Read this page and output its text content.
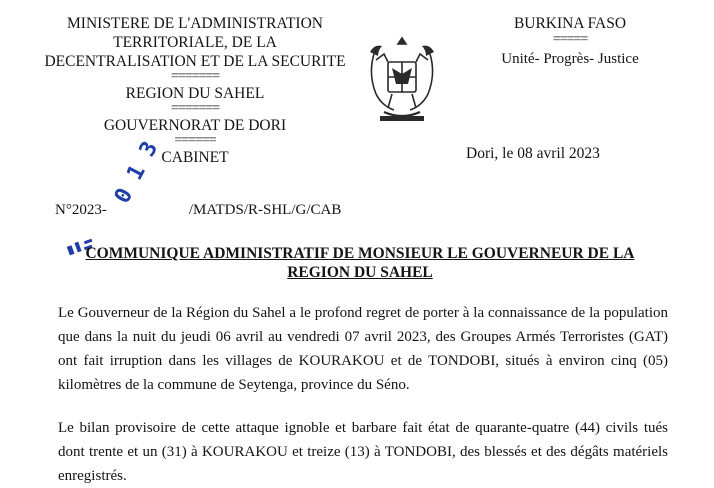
MINISTERE DE L'ADMINISTRATION
TERRITORIALE, DE LA
DECENTRALISATION ET DE LA SECURITE
=======
REGION DU SAHEL
=======
GOUVERNORAT DE DORI
======
CABINET
BURKINA FASO
=====
Unité- Progrès- Justice
Dori, le 08 avril 2023
N°2023-	/MATDS/R-SHL/G/CAB
0 1 3
COMMUNIQUE ADMINISTRATIF DE MONSIEUR LE GOUVERNEUR DE LA
REGION DU SAHEL
Le Gouverneur de la Région du Sahel a le profond regret de porter à la connaissance de la population que dans la nuit du jeudi 06 avril au vendredi 07 avril 2023, des Groupes Armés Terroristes (GAT) ont fait irruption dans les villages de KOURAKOU et de TONDOBI, situés à environ cinq (05) kilomètres de la commune de Seytenga, province du Séno.
Le bilan provisoire de cette attaque ignoble et barbare fait état de quarante-quatre (44) civils tués dont trente et un (31) à KOURAKOU et treize (13) à TONDOBI, des blessés et des dégâts matériels enregistrés.
